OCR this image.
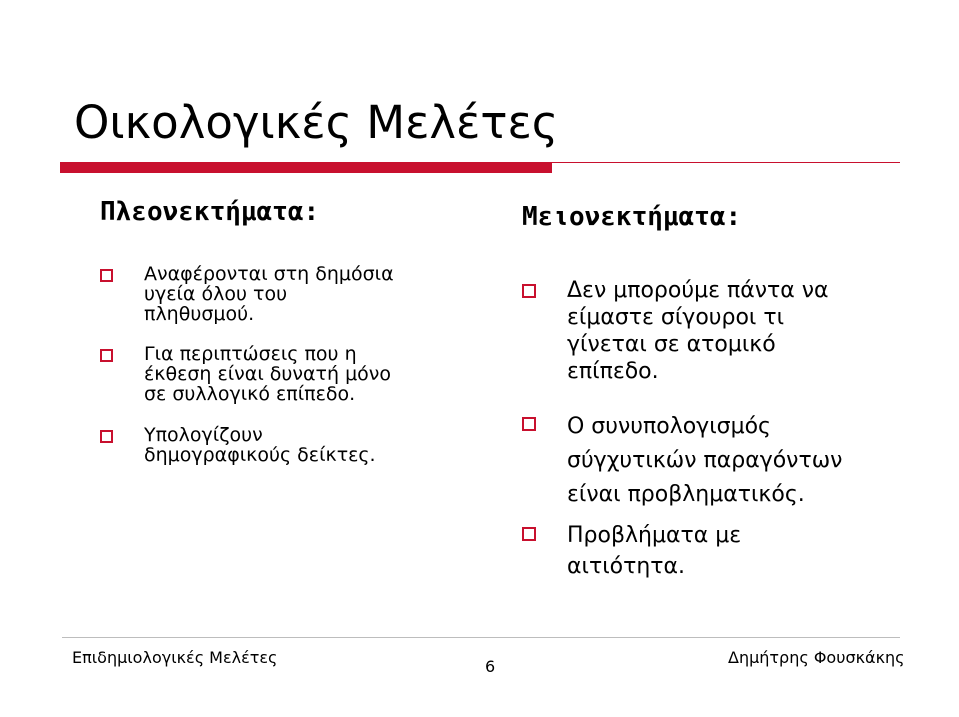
Οικολογικές Μελέτες
Πλεονεκτήματα:	Μειονεκτήματα:
Αναφέρονται στη δημόσια
υγεία όλου του
πληθυσμού.
Για περιπτώσεις που η
έκθεση είναι δυνατή μόνο
σε συλλογικό επίπεδο.
Υπολογίζουν
δημογραφικούς δείκτες.
Δεν μπορούμε πάντα να
είμαστε σίγουροι τι
γίνεται σε ατομικό
επίπεδο.
Ο συνυπολογισμός
σύγχυτικών παραγόντων
είναι προβληματικός.
Προβλήματα με
αιτιότητα.
Επιδημιολογικές Μελέτες	6	Δημήτρης Φουσκάκης
